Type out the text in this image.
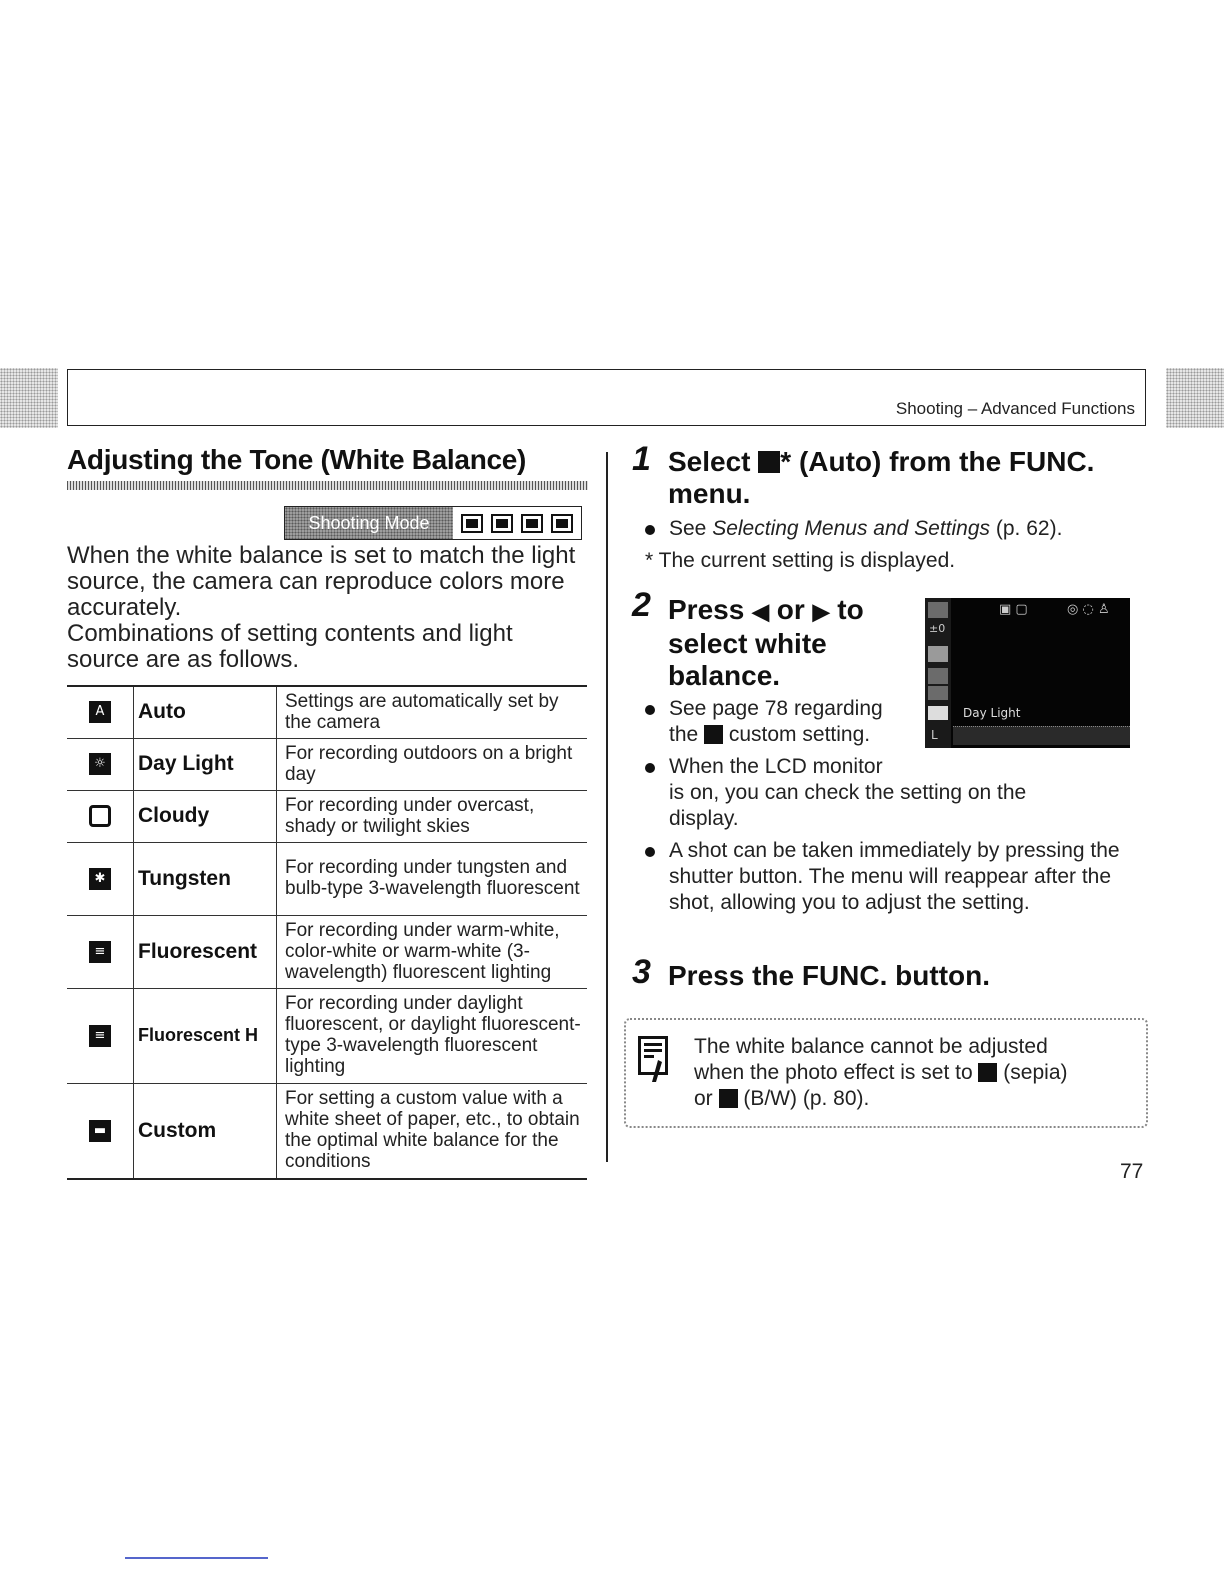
Shooting – Advanced Functions
Adjusting the Tone (White Balance)
Shooting Mode
When the white balance is set to match the light source, the camera can reproduce colors more accurately.
Combinations of setting contents and light source are as follows.
A	Auto	Settings are automatically set by the camera

☼	Day Light	For recording outdoors on a bright day
	Cloudy	For recording under overcast, shady or twilight skies

✱	Tungsten	For recording under tungsten and bulb-type 3-wavelength fluorescent

≡	Fluorescent	For recording under warm-white, color-white or warm-white (3-wavelength) fluorescent lighting

≡	Fluorescent H	For recording under daylight fluorescent, or daylight fluorescent-type 3-wavelength fluorescent lighting

▬	Custom	For setting a custom value with a white sheet of paper, etc., to obtain the optimal white balance for the conditions
1 Select * (Auto) from the FUNC.
menu.
See Selecting Menus and Settings (p. 62).
* The current setting is displayed.
2 Press ◀ or ▶ to
select white
balance.
±0
L
▣ ▢	◎ ◌ ♙
Day Light
See page 78 regarding
the  custom setting.
When the LCD monitor
is on, you can check the setting on the
display.
A shot can be taken immediately by pressing the shutter button. The menu will reappear after the shot, allowing you to adjust the setting.
3 Press the FUNC. button.
The white balance cannot be adjusted
when the photo effect is set to  (sepia)
or  (B/W) (p. 80).
77
